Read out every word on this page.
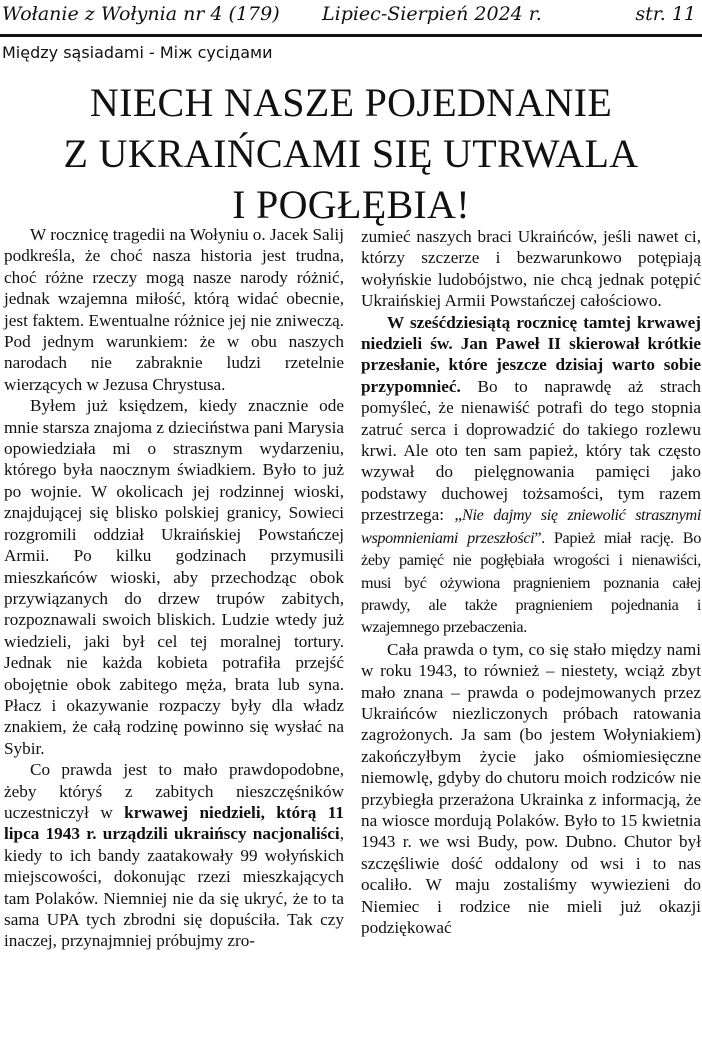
Wołanie z Wołynia nr 4 (179) Lipiec-Sierpień 2024 r.	str. 11
Między sąsiadami - Між сусідами
NIECH NASZE POJEDNANIE
Z UKRAIŃCAMI SIĘ UTRWALA
I POGŁĘBIA!

W rocznicę tragedii na Wołyniu o. Jacek Salij podkreśla, że choć nasza historia jest trudna, choć różne rzeczy mogą nasze narody różnić, jednak wzajemna miłość, którą widać obecnie, jest faktem. Ewentualne różnice jej nie zniweczą. Pod jednym warunkiem: że w obu naszych narodach nie zabraknie ludzi rzetelnie wierzących w Jezusa Chrystusa.

Byłem już księdzem, kiedy znacznie ode mnie starsza znajoma z dzieciństwa pani Marysia opowiedziała mi o strasznym wydarzeniu, którego była naocznym świadkiem. Było to już po wojnie. W okolicach jej rodzinnej wioski, znajdującej się blisko polskiej granicy, Sowieci rozgromili oddział Ukraińskiej Powstańczej Armii. Po kilku godzinach przymusili mieszkańców wioski, aby przechodząc obok przywiązanych do drzew trupów zabitych, rozpoznawali swoich bliskich. Ludzie wtedy już wiedzieli, jaki był cel tej moralnej tortury. Jednak nie każda kobieta potrafiła przejść obojętnie obok zabitego męża, brata lub syna. Płacz i okazywanie rozpaczy były dla władz znakiem, że całą rodzinę powinno się wysłać na Sybir.

Co prawda jest to mało prawdopodobne, żeby któryś z zabitych nieszczęśników uczestniczył w krwawej niedzieli, którą 11 lipca 1943 r. urządzili ukraińscy nacjonaliści, kiedy to ich bandy zaatakowały 99 wołyńskich miejscowości, dokonując rzezi mieszkających tam Polaków. Niemniej nie da się ukryć, że to ta sama UPA tych zbrodni się dopuściła. Tak czy inaczej, przynajmniej próbujmy zro-

zumieć naszych braci Ukraińców, jeśli nawet ci, którzy szczerze i bezwarunkowo potępiają wołyńskie ludobójstwo, nie chcą jednak potępić Ukraińskiej Armii Powstańczej całościowo.

W sześćdziesiątą rocznicę tamtej krwawej niedzieli św. Jan Paweł II skierował krótkie przesłanie, które jeszcze dzisiaj warto sobie przypomnieć. Bo to naprawdę aż strach pomyśleć, że nienawiść potrafi do tego stopnia zatruć serca i doprowadzić do takiego rozlewu krwi. Ale oto ten sam papież, który tak często wzywał do pielęgnowania pamięci jako podstawy duchowej tożsamości, tym razem przestrzega: „Nie dajmy się zniewolić strasznymi wspomnieniami przeszłości”. Papież miał rację. Bo żeby pamięć nie pogłębiała wrogości i nienawiści, musi być ożywiona pragnieniem poznania całej prawdy, ale także pragnieniem pojednania i wzajemnego przebaczenia.

Cała prawda o tym, co się stało między nami w roku 1943, to również – niestety, wciąż zbyt mało znana – prawda o podejmowanych przez Ukraińców niezliczonych próbach ratowania zagrożonych. Ja sam (bo jestem Wołyniakiem) zakończyłbym życie jako ośmiomiesięczne niemowlę, gdyby do chutoru moich rodziców nie przybiegła przerażona Ukrainka z informacją, że na wiosce mordują Polaków. Było to 15 kwietnia 1943 r. we wsi Budy, pow. Dubno. Chutor był szczęśliwie dość oddalony od wsi i to nas ocaliło. W maju zostaliśmy wywiezieni do Niemiec i rodzice nie mieli już okazji podziękować
